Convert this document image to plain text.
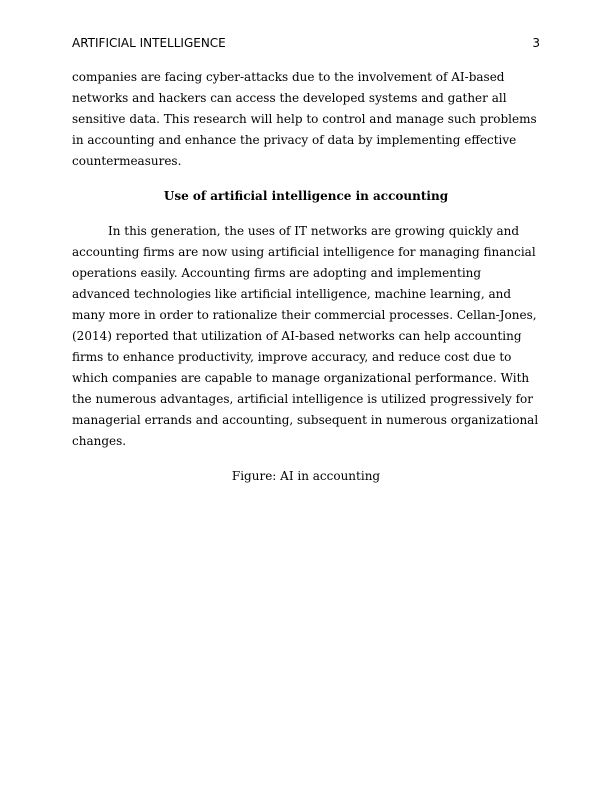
ARTIFICIAL INTELLIGENCE	3

companies are facing cyber-attacks due to the involvement of AI-based networks and hackers can access the developed systems and gather all sensitive data. This research will help to control and manage such problems in accounting and enhance the privacy of data by implementing effective countermeasures.

Use of artificial intelligence in accounting

In this generation, the uses of IT networks are growing quickly and accounting firms are now using artificial intelligence for managing financial operations easily. Accounting firms are adopting and implementing advanced technologies like artificial intelligence, machine learning, and many more in order to rationalize their commercial processes. Cellan-Jones, (2014) reported that utilization of AI-based networks can help accounting firms to enhance productivity, improve accuracy, and reduce cost due to which companies are capable to manage organizational performance. With the numerous advantages, artificial intelligence is utilized progressively for managerial errands and accounting, subsequent in numerous organizational changes.

Figure: AI in accounting
